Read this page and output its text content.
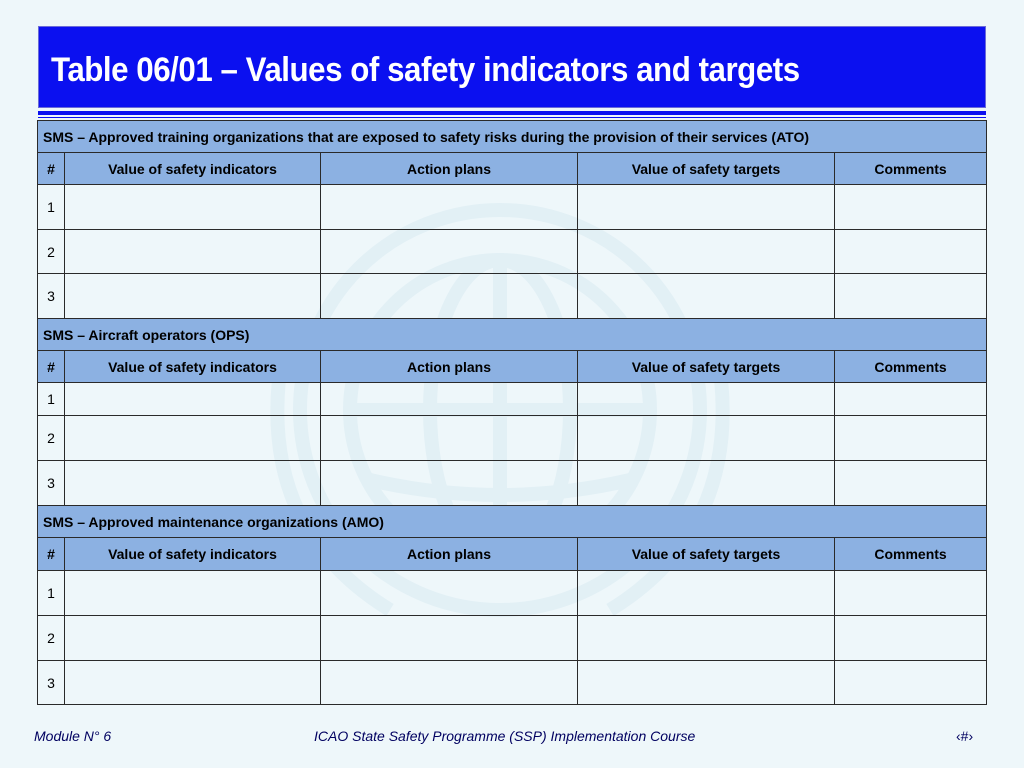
Table 06/01 – Values of safety indicators and targets
SMS – Approved training organizations that are exposed to safety risks during the provision of their services (ATO)				
#	Value of safety indicators	Action plans	Value of safety targets	Comments
1				
2				
3				
SMS – Aircraft operators (OPS)				
#	Value of safety indicators	Action plans	Value of safety targets	Comments
1				
2				
3				
SMS – Approved maintenance organizations (AMO)				
#	Value of safety indicators	Action plans	Value of safety targets	Comments
1				
2				
3				
Module N° 6	ICAO State Safety Programme (SSP) Implementation Course	‹#›
